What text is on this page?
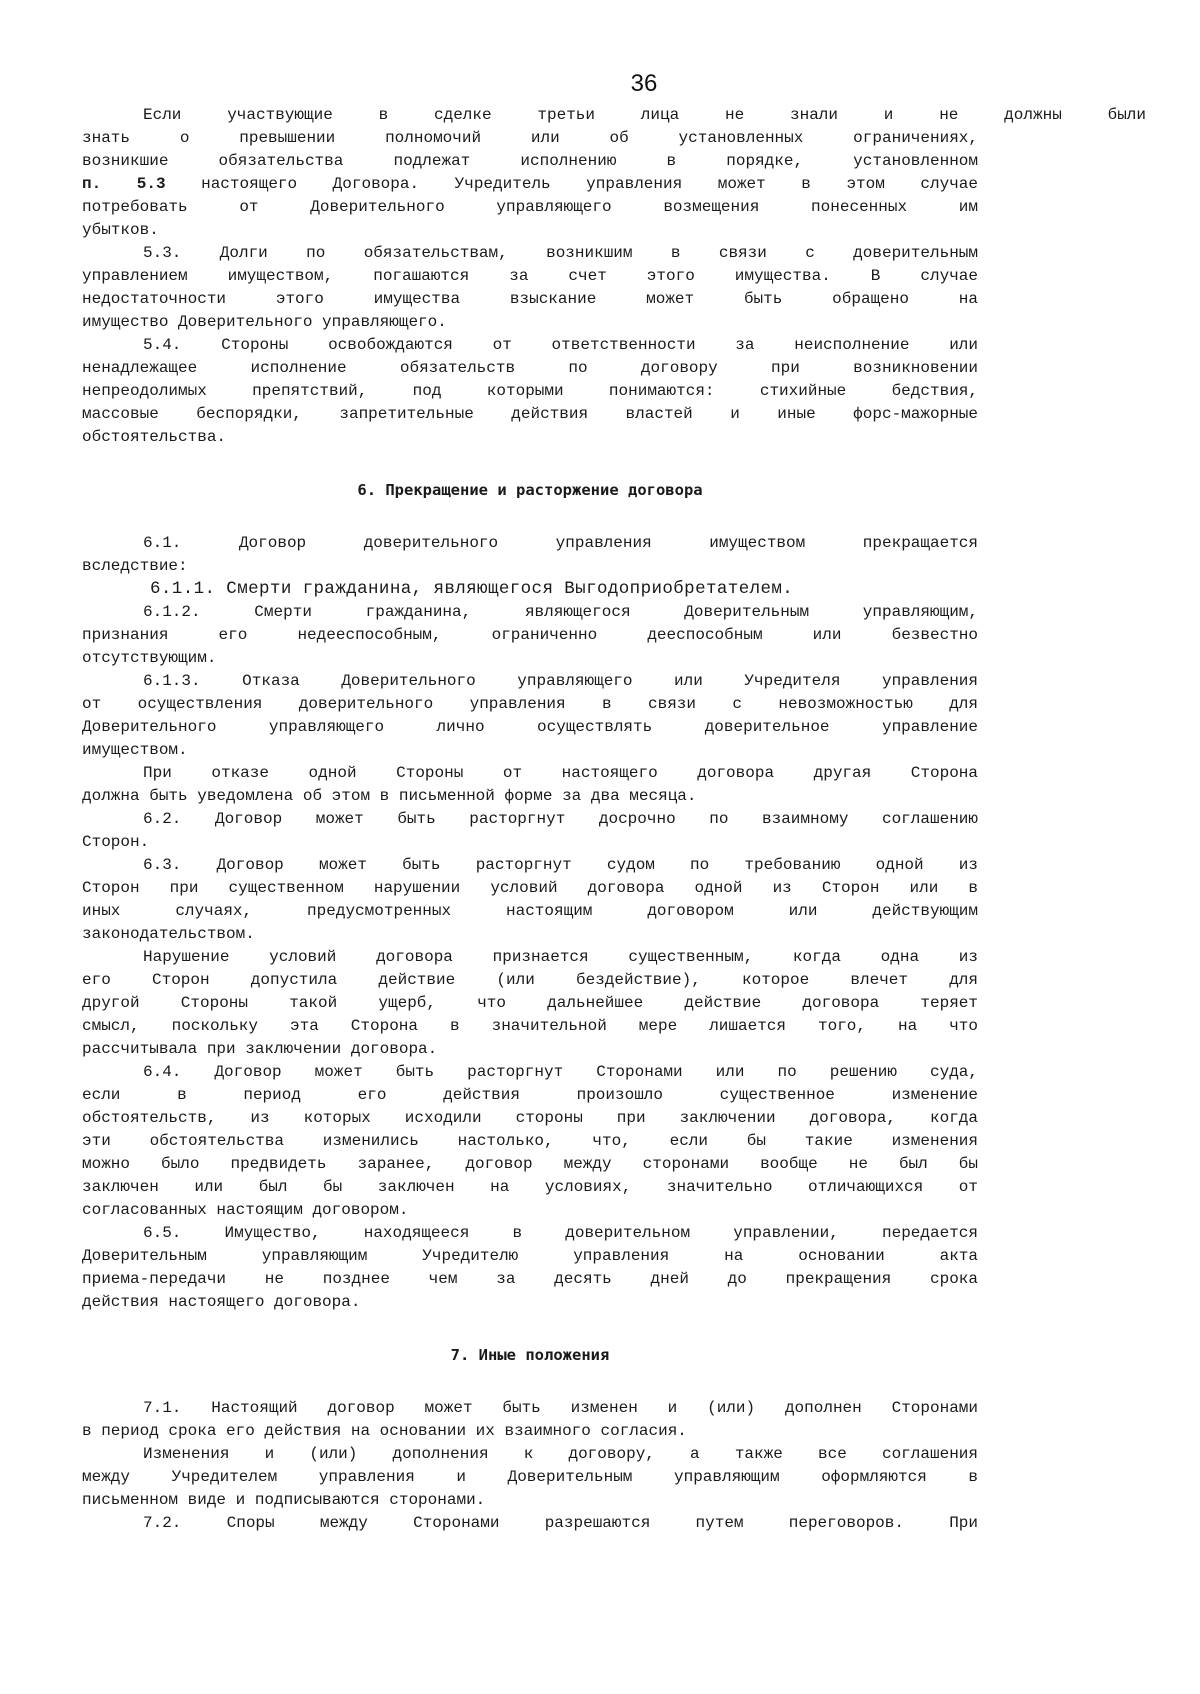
36
Если участвующие в сделке третьи лица не знали и не должны были
знать о превышении полномочий или об установленных ограничениях,
возникшие обязательства подлежат исполнению в порядке, установленном
п. 5.3 настоящего Договора. Учредитель управления может в этом случае
потребовать от Доверительного управляющего возмещения понесенных им
убытков.
5.3. Долги по обязательствам, возникшим в связи с доверительным
управлением имуществом, погашаются за счет этого имущества. В случае
недостаточности этого имущества взыскание может быть обращено на
имущество Доверительного управляющего.
5.4. Стороны освобождаются от ответственности за неисполнение или
ненадлежащее исполнение обязательств по договору при возникновении
непреодолимых препятствий, под которыми понимаются: стихийные бедствия,
массовые беспорядки, запретительные действия властей и иные форс-мажорные
обстоятельства.
6. Прекращение и расторжение договора
6.1. Договор доверительного управления имуществом прекращается
вследствие:
6.1.1. Смерти гражданина, являющегося Выгодоприобретателем.
6.1.2. Смерти гражданина, являющегося Доверительным управляющим,
признания его недееспособным, ограниченно дееспособным или безвестно
отсутствующим.
6.1.3. Отказа Доверительного управляющего или Учредителя управления
от осуществления доверительного управления в связи с невозможностью для
Доверительного управляющего лично осуществлять доверительное управление
имуществом.
При отказе одной Стороны от настоящего договора другая Сторона
должна быть уведомлена об этом в письменной форме за два месяца.
6.2. Договор может быть расторгнут досрочно по взаимному соглашению
Сторон.
6.3. Договор может быть расторгнут судом по требованию одной из
Сторон при существенном нарушении условий договора одной из Сторон или в
иных случаях, предусмотренных настоящим договором или действующим
законодательством.
Нарушение условий договора признается существенным, когда одна из
его Сторон допустила действие (или бездействие), которое влечет для
другой Стороны такой ущерб, что дальнейшее действие договора теряет
смысл, поскольку эта Сторона в значительной мере лишается того, на что
рассчитывала при заключении договора.
6.4. Договор может быть расторгнут Сторонами или по решению суда,
если в период его действия произошло существенное изменение
обстоятельств, из которых исходили стороны при заключении договора, когда
эти обстоятельства изменились настолько, что, если бы такие изменения
можно было предвидеть заранее, договор между сторонами вообще не был бы
заключен или был бы заключен на условиях, значительно отличающихся от
согласованных настоящим договором.
6.5. Имущество, находящееся в доверительном управлении, передается
Доверительным управляющим Учредителю управления на основании акта
приема-передачи не позднее чем за десять дней до прекращения срока
действия настоящего договора.
7. Иные положения
7.1. Настоящий договор может быть изменен и (или) дополнен Сторонами
в период срока его действия на основании их взаимного согласия.
Изменения и (или) дополнения к договору, а также все соглашения
между Учредителем управления и Доверительным управляющим оформляются в
письменном виде и подписываются сторонами.
7.2. Споры между Сторонами разрешаются путем переговоров. При
